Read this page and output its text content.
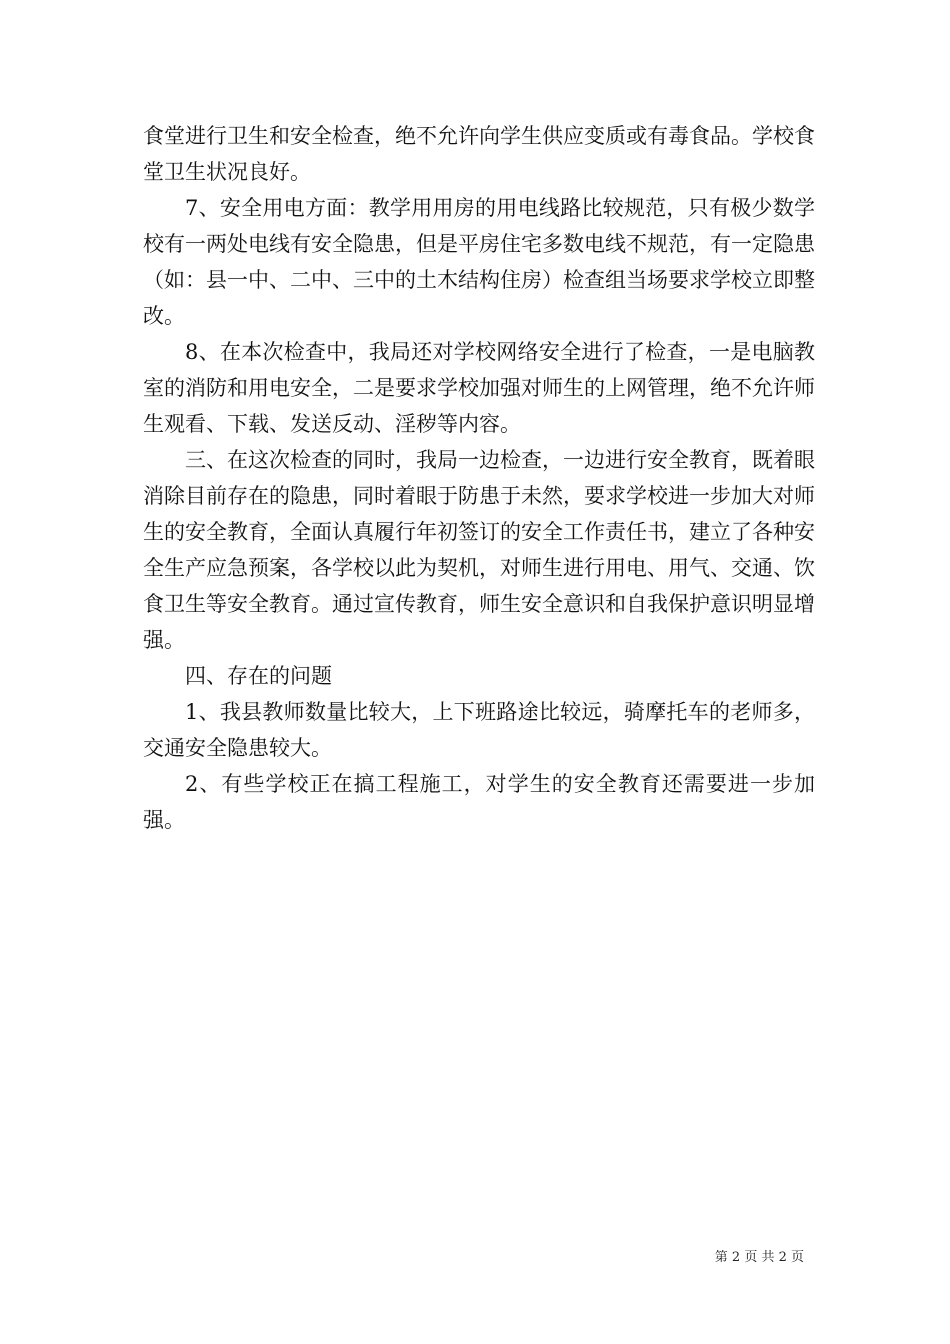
食堂进行卫生和安全检查，绝不允许向学生供应变质或有毒食品。学校食堂卫生状况良好。

7、安全用电方面：教学用用房的用电线路比较规范，只有极少数学校有一两处电线有安全隐患，但是平房住宅多数电线不规范，有一定隐患（如：县一中、二中、三中的土木结构住房）检查组当场要求学校立即整改。

8、在本次检查中，我局还对学校网络安全进行了检查，一是电脑教室的消防和用电安全，二是要求学校加强对师生的上网管理，绝不允许师生观看、下载、发送反动、淫秽等内容。

三、在这次检查的同时，我局一边检查，一边进行安全教育，既着眼消除目前存在的隐患，同时着眼于防患于未然，要求学校进一步加大对师生的安全教育，全面认真履行年初签订的安全工作责任书，建立了各种安全生产应急预案，各学校以此为契机，对师生进行用电、用气、交通、饮食卫生等安全教育。通过宣传教育，师生安全意识和自我保护意识明显增强。

四、存在的问题

1、我县教师数量比较大，上下班路途比较远，骑摩托车的老师多，交通安全隐患较大。

2、有些学校正在搞工程施工，对学生的安全教育还需要进一步加强。

第 2 页 共 2 页
